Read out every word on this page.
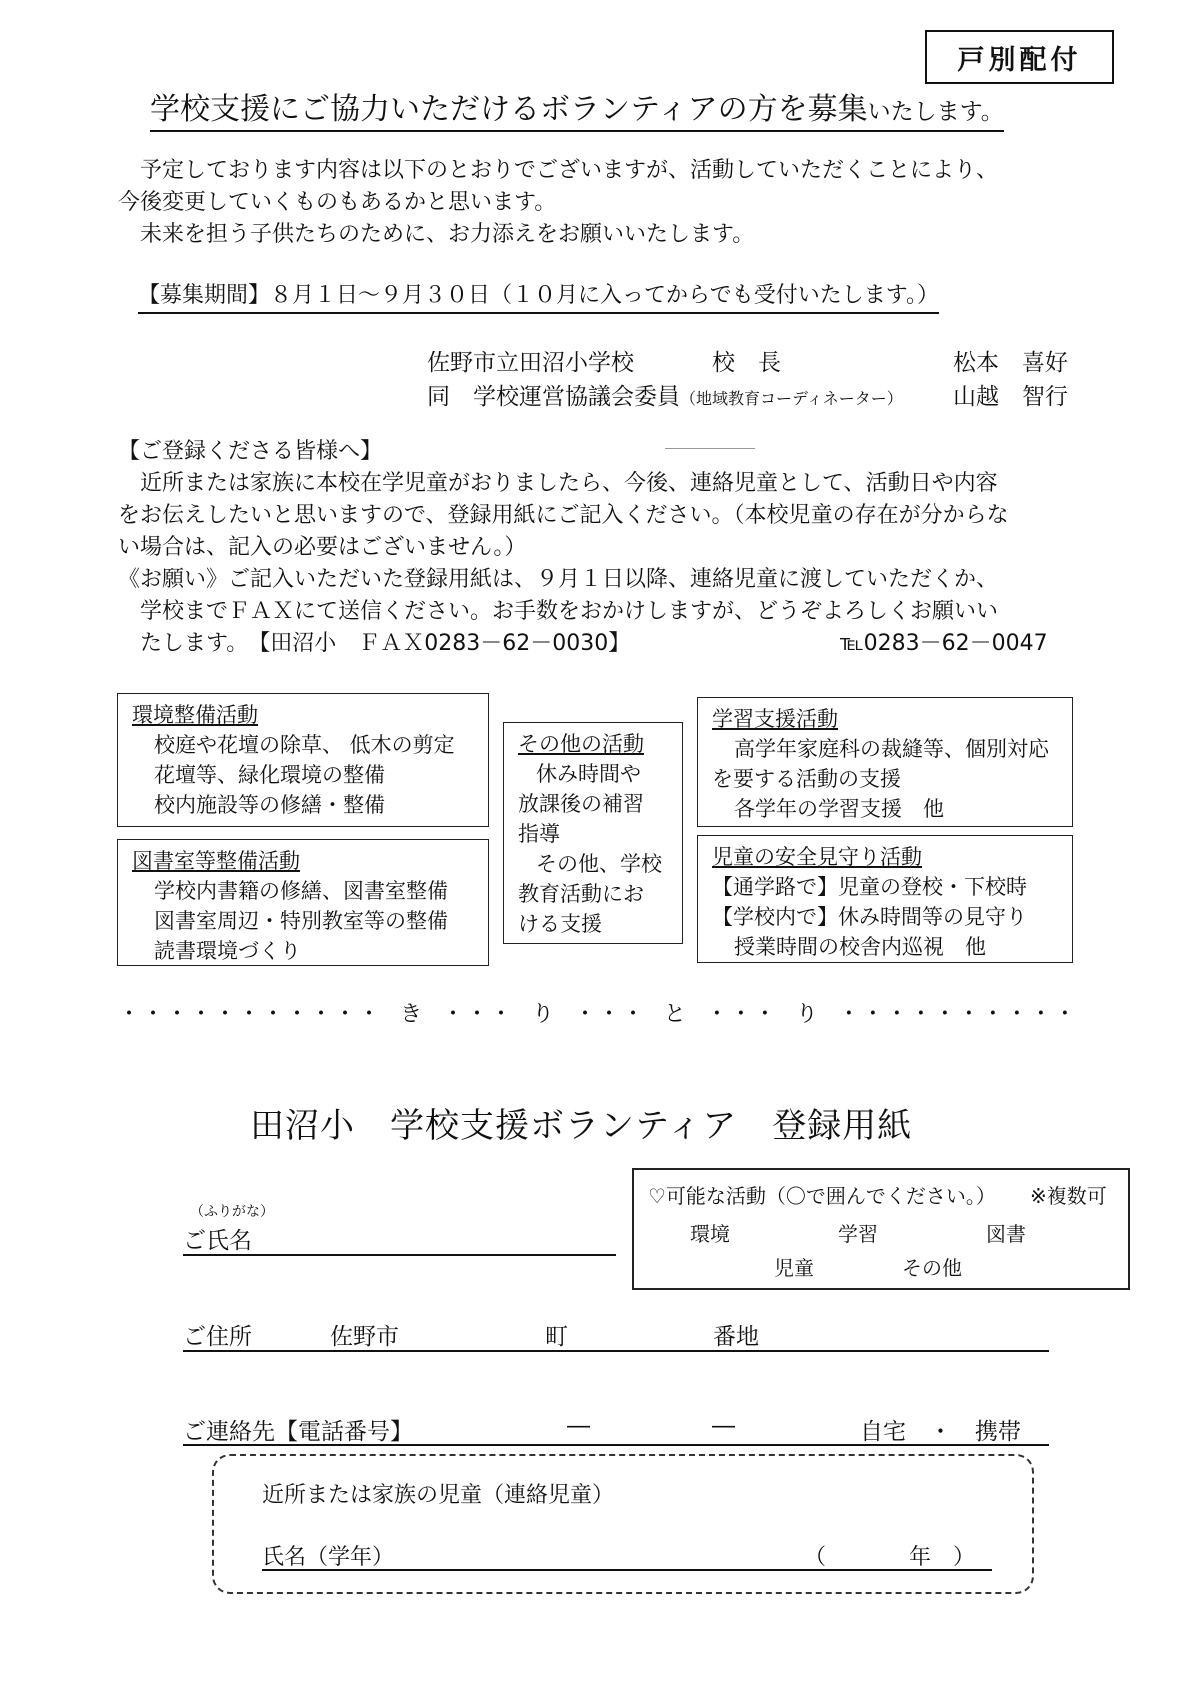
戸別配付
学校支援にご協力いただけるボランティアの方を募集いたします。
予定しております内容は以下のとおりでございますが、活動していただくことにより、
今後変更していくものもあるかと思います。
未来を担う子供たちのために、お力添えをお願いいたします。
【募集期間】８月１日～９月３０日（１０月に入ってからでも受付いたします。）
佐野市立田沼小学校	校　長	松本　喜好
同　学校運営協議会委員（地域教育コーディネーター） 山越　智行
【ご登録くださる皆様へ】
近所または家族に本校在学児童がおりましたら、今後、連絡児童として、活動日や内容
をお伝えしたいと思いますので、登録用紙にご記入ください。（本校児童の存在が分からな
い場合は、記入の必要はございません。）
《お願い》ご記入いただいた登録用紙は、９月１日以降、連絡児童に渡していただくか、
学校までＦＡＸにて送信ください。お手数をおかけしますが、どうぞよろしくお願いい
たします。　【田沼小　ＦＡＸ0283－62－0030】	℡0283－62－0047
環境整備活動
校庭や花壇の除草、 低木の剪定
花壇等、緑化環境の整備
校内施設等の修繕・整備
図書室等整備活動
学校内書籍の修繕、図書室整備
図書室周辺・特別教室等の整備
読書環境づくり
その他の活動
休み時間や
放課後の補習
指導
その他、学校
教育活動にお
ける支援
学習支援活動
高学年家庭科の裁縫等、個別対応
を要する活動の支援
各学年の学習支援　他
児童の安全見守り活動
【通学路で】児童の登校・下校時
【学校内で】休み時間等の見守り
授業時間の校舎内巡視　他
・・・・・・・・・・・ き ・・・ り ・・・ と ・・・ り ・・・・・・・・・・
田沼小　学校支援ボランティア　登録用紙
♡可能な活動（〇で囲んでください。） ※複数可
環境	学習	図書
児童	その他
（ふりがな）
ご氏名
ご住所	佐野市	町	番地
ご連絡先【電話番号】	―	―	自宅　・　携帯
近所または家族の児童（連絡児童）
氏名（学年）	（	年　）
